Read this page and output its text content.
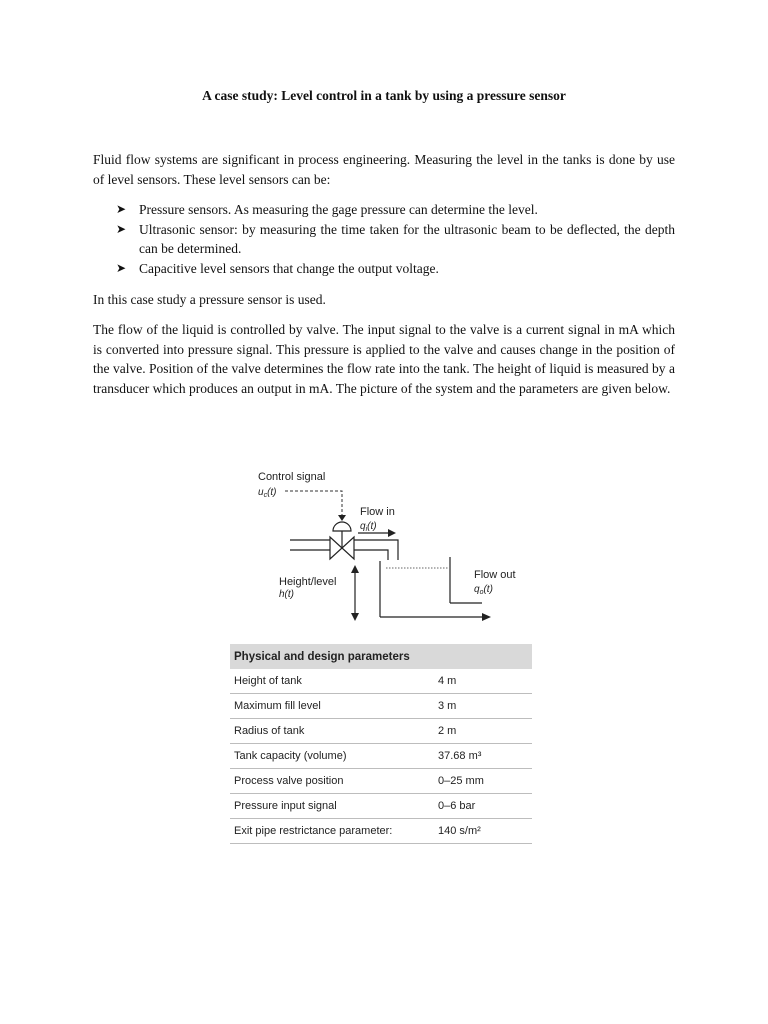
A case study: Level control in a tank by using a pressure sensor

Fluid flow systems are significant in process engineering. Measuring the level in the tanks is done by use of level sensors. These level sensors can be:

➤ Pressure sensors. As measuring the gage pressure can determine the level.
➤ Ultrasonic sensor: by measuring the time taken for the ultrasonic beam to be deflected, the depth can be determined.
➤ Capacitive level sensors that change the output voltage.

In this case study a pressure sensor is used.

The flow of the liquid is controlled by valve. The input signal to the valve is a current signal in mA which is converted into pressure signal. This pressure is applied to the valve and causes change in the position of the valve. Position of the valve determines the flow rate into the tank. The height of liquid is measured by a transducer which produces an output in mA. The picture of the system and the parameters are given below.

Control signal
$u_c(t)$
Flow in
$q_i(t)$
Flow out
$q_o(t)$
Height/level
h(t)
Physical and design parameters	
Height of tank	4 m
Maximum fill level	3 m
Radius of tank	2 m
Tank capacity (volume)	37.68 m³
Process valve position	0–25 mm
Pressure input signal	0–6 bar
Exit pipe restrictance parameter:	140 s/m²
